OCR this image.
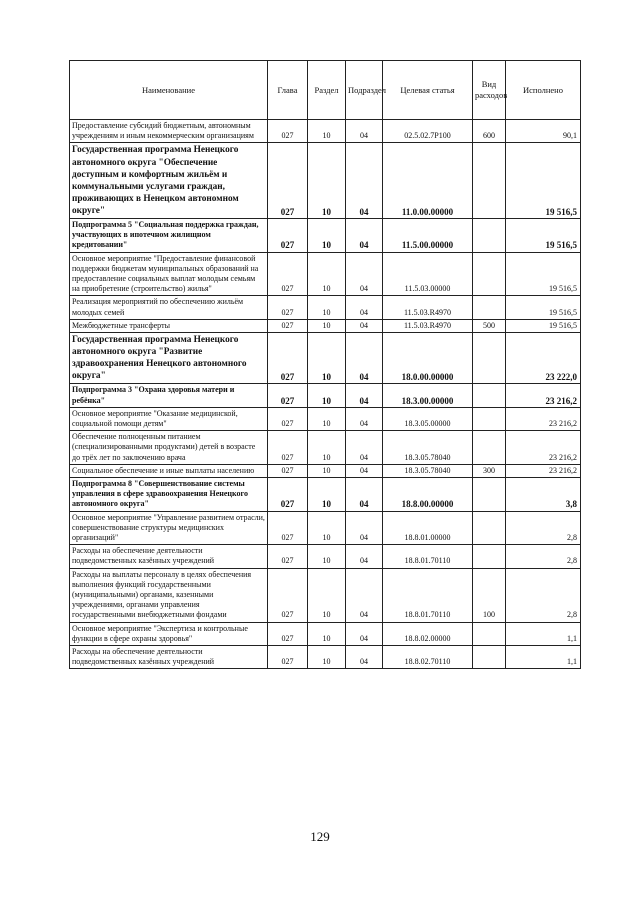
Наименование	Глава	Раздел	Подраздел	Целевая статья	Вид расходов	Исполнено
Предоставление субсидий бюджетным, автономным учреждениям и иным некоммерческим организациям	027	10	04	02.5.02.7Р100	600	90,1
Государственная программа Ненецкого автономного округа "Обеспечение доступным и комфортным жильём и коммунальными услугами граждан, проживающих в Ненецком автономном округе"	027	10	04	11.0.00.00000		19 516,5
Подпрограмма 5 "Социальная поддержка граждан, участвующих в ипотечном жилищном кредитовании"	027	10	04	11.5.00.00000		19 516,5
Основное мероприятие "Предоставление финансовой поддержки бюджетам муниципальных образований на предоставление социальных выплат молодым семьям на приобретение (строительство) жилья"	027	10	04	11.5.03.00000		19 516,5
Реализация мероприятий по обеспечению жильём молодых семей	027	10	04	11.5.03.R4970		19 516,5
Межбюджетные трансферты	027	10	04	11.5.03.R4970	500	19 516,5
Государственная программа Ненецкого автономного округа "Развитие здравоохранения Ненецкого автономного округа"	027	10	04	18.0.00.00000		23 222,0
Подпрограмма 3 "Охрана здоровья матери и ребёнка"	027	10	04	18.3.00.00000		23 216,2
Основное мероприятие "Оказание медицинской, социальной помощи детям"	027	10	04	18.3.05.00000		23 216,2
Обеспечение полноценным питанием (специализированными продуктами) детей в возрасте до трёх лет по заключению врача	027	10	04	18.3.05.78040		23 216,2
Социальное обеспечение и иные выплаты населению	027	10	04	18.3.05.78040	300	23 216,2
Подпрограмма 8 "Совершенствование системы управления в сфере здравоохранения Ненецкого автономного округа"	027	10	04	18.8.00.00000		3,8
Основное мероприятие "Управление развитием отрасли, совершенствование структуры медицинских организаций"	027	10	04	18.8.01.00000		2,8
Расходы на обеспечение деятельности подведомственных казённых учреждений	027	10	04	18.8.01.70110		2,8
Расходы на выплаты персоналу в целях обеспечения выполнения функций государственными (муниципальными) органами, казенными учреждениями, органами управления государственными внебюджетными фондами	027	10	04	18.8.01.70110	100	2,8
Основное мероприятие "Экспертиза и контрольные функции в сфере охраны здоровья"	027	10	04	18.8.02.00000		1,1
Расходы на обеспечение деятельности подведомственных казённых учреждений	027	10	04	18.8.02.70110		1,1
129
